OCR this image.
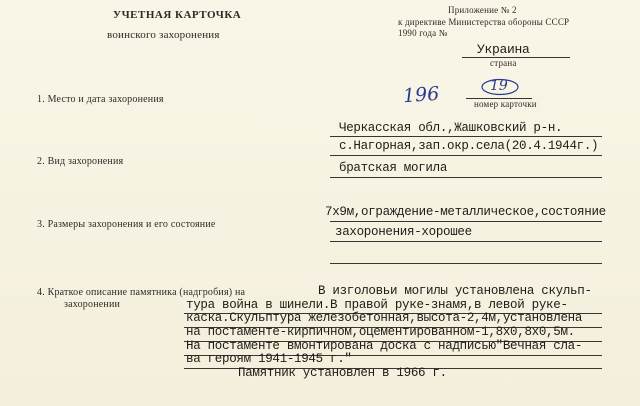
УЧЕТНАЯ КАРТОЧКА
воинского захоронения
Приложение № 2
к директиве Министерства обороны СССР
1990 года №
Украина
страна
196	19
номер карточки
1. Место и дата захоронения
Черкасская обл.,Жашковский р-н.
с.Нагорная,зап.окр.села(20.4.1944г.)
2. Вид захоронения	братская могила
3. Размеры захоронения и его состояние
7х9м,ограждение-металлическое,состояние
захоронения-хорошее
4. Краткое описание памятника (надгробия) на
захоронении
В изголовьи могилы установлена скульп-
тура война в шинели.В правой руке-знамя,в левой руке-
каска.Скульптура железобетонная,высота-2,4м,установлена
на постаменте-кирпичном,оцементированном-1,8х0,8х0,5м.
На постаменте вмонтирована доска с надписью"Вечная сла-
ва героям 1941-1945 г."
Памятник установлен в 1966 г.
